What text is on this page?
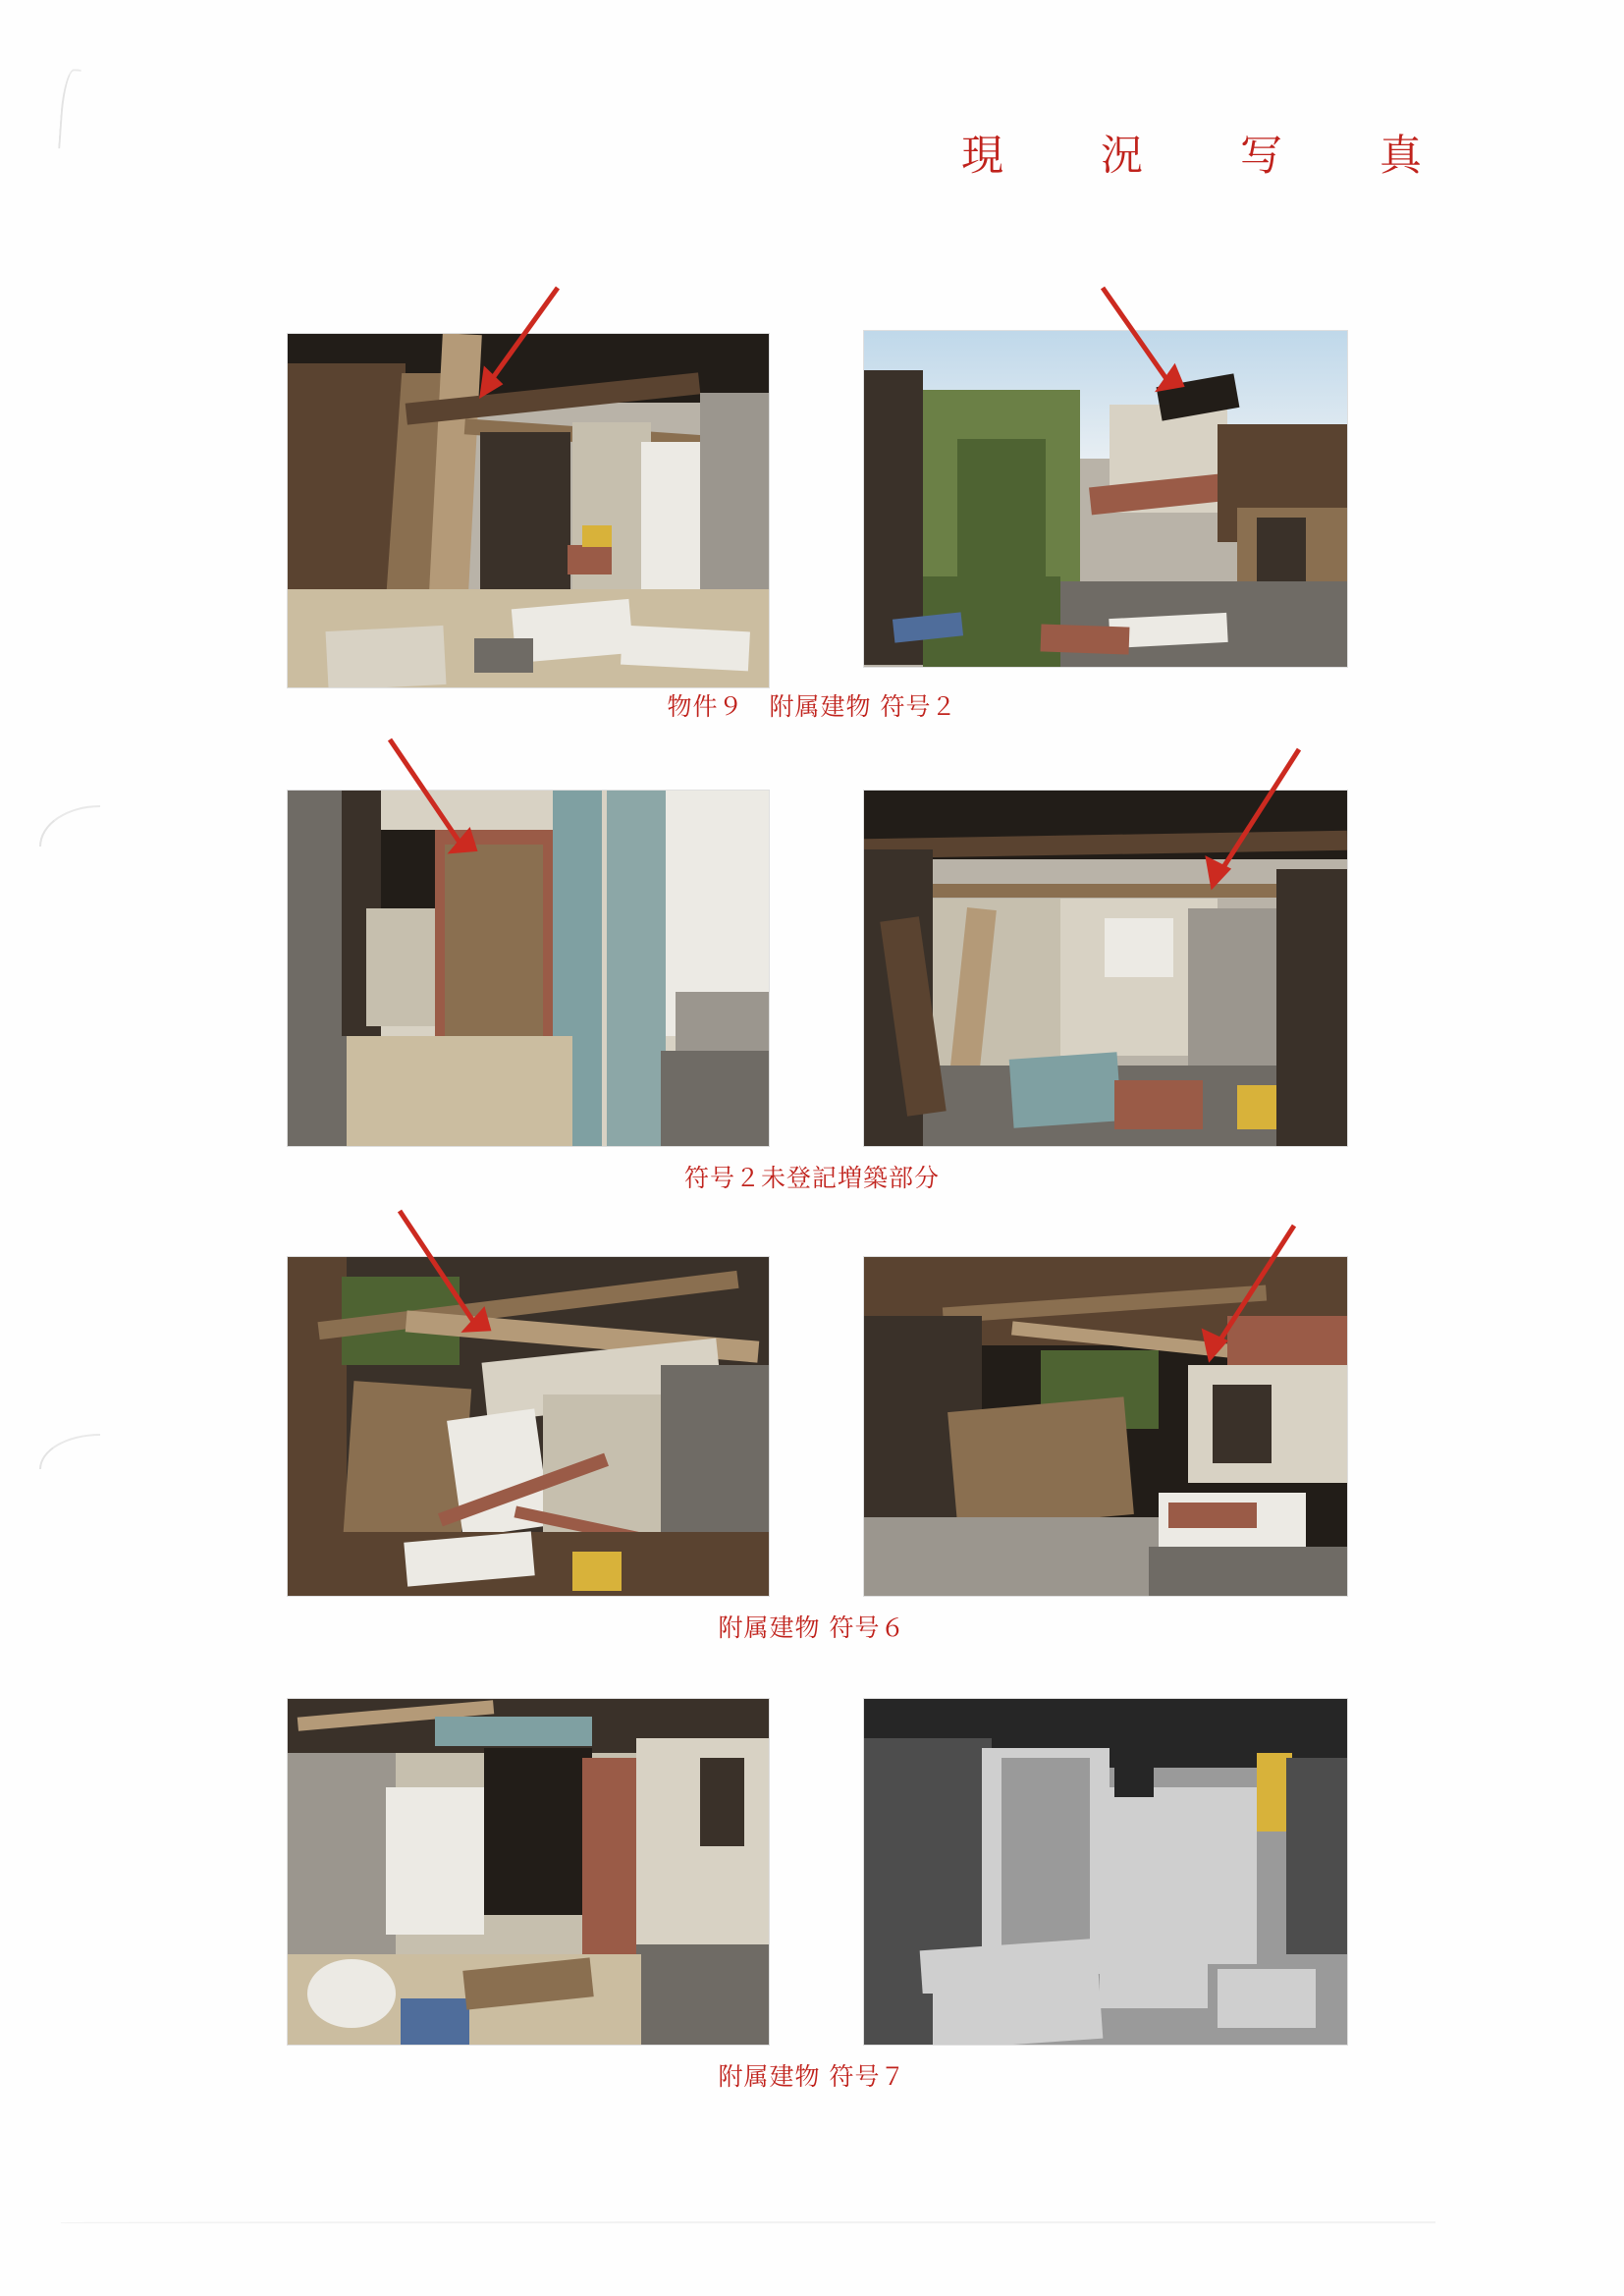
現　況　写　真
物件９　附属建物 符号２
符号２未登記増築部分
附属建物 符号６
附属建物 符号７
